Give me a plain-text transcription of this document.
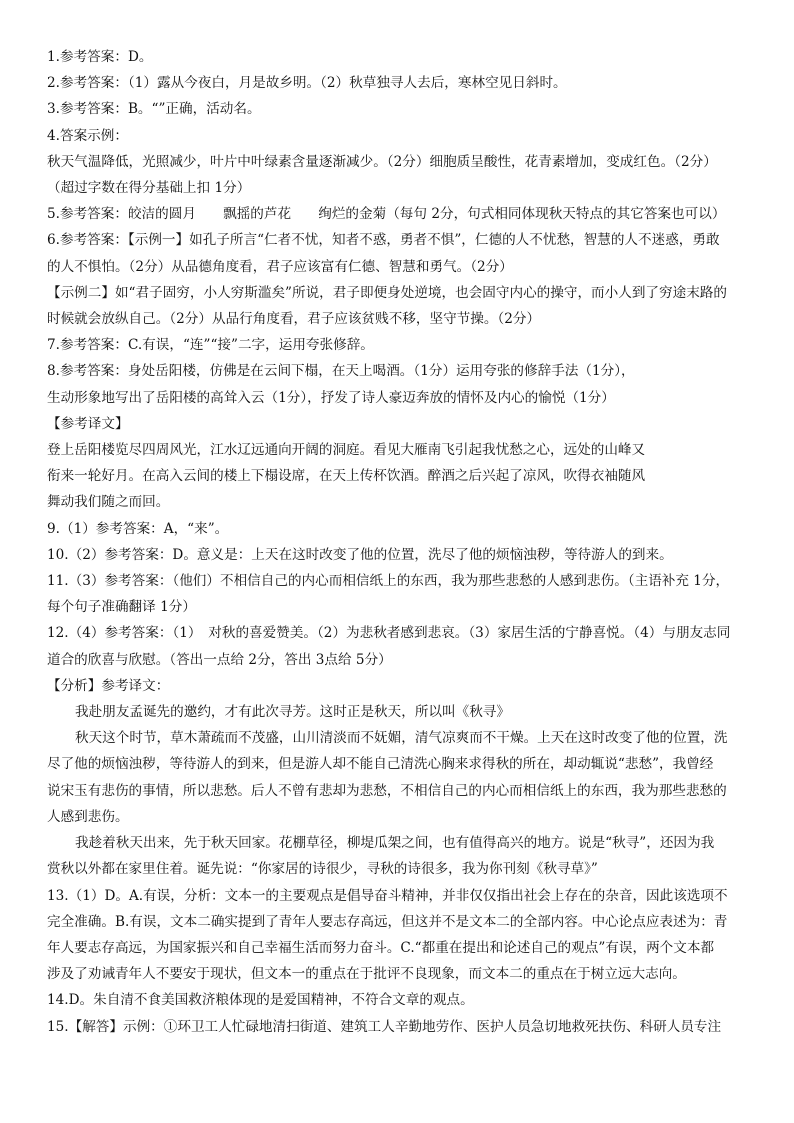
1.参考答案：D。
2.参考答案：（1）露从今夜白，月是故乡明。（2）秋草独寻人去后，寒林空见日斜时。
3.参考答案：B。“”正确，活动名。
4.答案示例：
秋天气温降低，光照减少，叶片中叶绿素含量逐渐减少。（2分）细胞质呈酸性，花青素增加，变成红色。（2分）
（超过字数在得分基础上扣 1分）
5.参考答案：皎洁的圆月　　飘摇的芦花　　绚烂的金菊（每句 2分，句式相同体现秋天特点的其它答案也可以）
6.参考答案：【示例一】如孔子所言“仁者不忧，知者不惑，勇者不惧”，仁德的人不忧愁，智慧的人不迷惑，勇敢
的人不惧怕。（2分）从品德角度看，君子应该富有仁德、智慧和勇气。（2分）
【示例二】如“君子固穷，小人穷斯滥矣”所说，君子即便身处逆境，也会固守内心的操守，而小人到了穷途末路的
时候就会放纵自己。（2分）从品行角度看，君子应该贫贱不移，坚守节操。（2分）
7.参考答案：C.有误，“连”“接”二字，运用夸张修辞。
8.参考答案：身处岳阳楼，仿佛是在云间下榻，在天上喝酒。（1分）运用夸张的修辞手法（1分），
生动形象地写出了岳阳楼的高耸入云（1分），抒发了诗人豪迈奔放的情怀及内心的愉悦（1分）
【参考译文】
登上岳阳楼览尽四周风光，江水辽远通向开阔的洞庭。看见大雁南飞引起我忧愁之心，远处的山峰又
衔来一轮好月。在高入云间的楼上下榻设席，在天上传杯饮酒。醉酒之后兴起了凉风，吹得衣袖随风
舞动我们随之而回。
9.（1）参考答案：A，“来”。
10.（2）参考答案：D。意义是：上天在这时改变了他的位置，洗尽了他的烦恼浊秽，等待游人的到来。
11.（3）参考答案：（他们）不相信自己的内心而相信纸上的东西，我为那些悲愁的人感到悲伤。（主语补充 1分，
每个句子准确翻译 1分）
12.（4）参考答案：（1）　对秋的喜爱赞美。（2）为悲秋者感到悲哀。（3）家居生活的宁静喜悦。（4）与朋友志同
道合的欣喜与欣慰。（答出一点给 2分，答出 3点给 5分）
【分析】参考译文：
我赴朋友孟诞先的邀约，才有此次寻芳。这时正是秋天，所以叫《秋寻》
秋天这个时节，草木萧疏而不茂盛，山川清淡而不妩媚，清气凉爽而不干燥。上天在这时改变了他的位置，洗
尽了他的烦恼浊秽，等待游人的到来，但是游人却不能自己清洗心胸来求得秋的所在，却动辄说“悲愁”，我曾经
说宋玉有悲伤的事情，所以悲愁。后人不曾有悲却为悲愁，不相信自己的内心而相信纸上的东西，我为那些悲愁的
人感到悲伤。
我趁着秋天出来，先于秋天回家。花棚草径，柳堤瓜架之间，也有值得高兴的地方。说是“秋寻”，还因为我
赏秋以外都在家里住着。诞先说：“你家居的诗很少，寻秋的诗很多，我为你刊刻《秋寻草》”
13.（1）D。A.有误，分析：文本一的主要观点是倡导奋斗精神，并非仅仅指出社会上存在的杂音，因此该选项不
完全准确。B.有误，文本二确实提到了青年人要志存高远，但这并不是文本二的全部内容。中心论点应表述为：青
年人要志存高远，为国家振兴和自己幸福生活而努力奋斗。C.“都重在提出和论述自己的观点”有误，两个文本都
涉及了劝诫青年人不要安于现状，但文本一的重点在于批评不良现象，而文本二的重点在于树立远大志向。
14.D。朱自清不食美国救济粮体现的是爱国精神，不符合文章的观点。
15.【解答】示例：①环卫工人忙碌地清扫街道、建筑工人辛勤地劳作、医护人员急切地救死扶伤、科研人员专注
